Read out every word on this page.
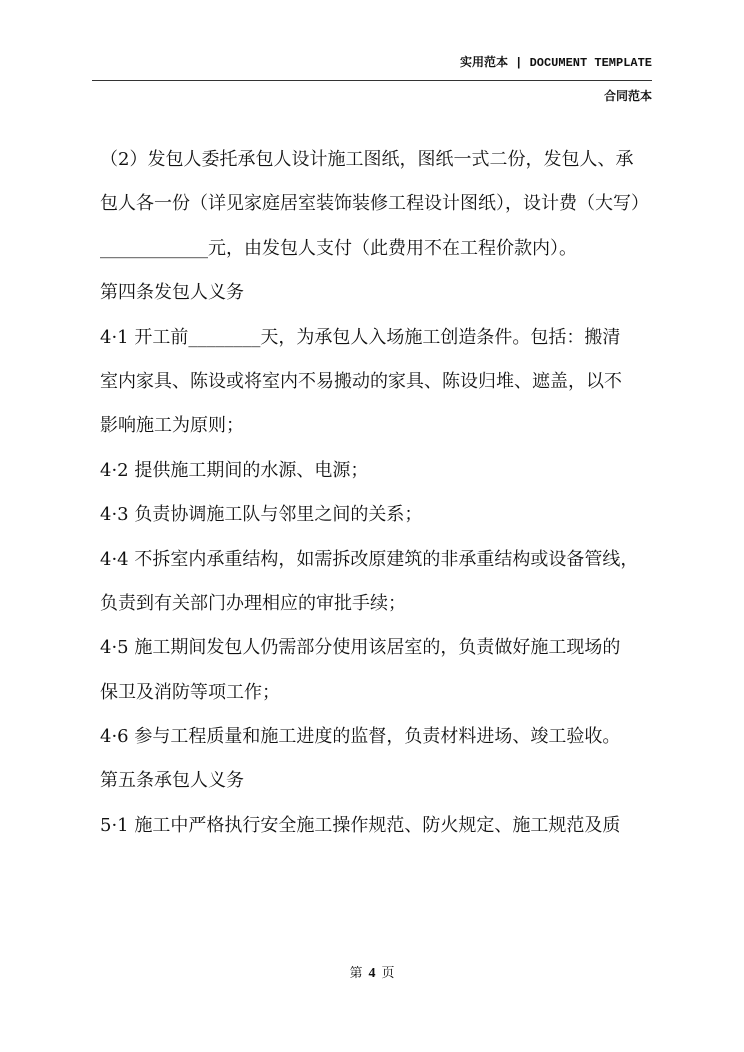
实用范本 | DOCUMENT TEMPLATE
合同范本
（2）发包人委托承包人设计施工图纸，图纸一式二份，发包人、承
包人各一份（详见家庭居室装饰装修工程设计图纸），设计费（大写）
____________元，由发包人支付（此费用不在工程价款内）。
第四条发包人义务
4·1 开工前________天，为承包人入场施工创造条件。包括：搬清
室内家具、陈设或将室内不易搬动的家具、陈设归堆、遮盖，以不
影响施工为原则；
4·2 提供施工期间的水源、电源；
4·3 负责协调施工队与邻里之间的关系；
4·4 不拆室内承重结构，如需拆改原建筑的非承重结构或设备管线，
负责到有关部门办理相应的审批手续；
4·5 施工期间发包人仍需部分使用该居室的，负责做好施工现场的
保卫及消防等项工作；
4·6 参与工程质量和施工进度的监督，负责材料进场、竣工验收。
第五条承包人义务
5·1 施工中严格执行安全施工操作规范、防火规定、施工规范及质
第 4 页
